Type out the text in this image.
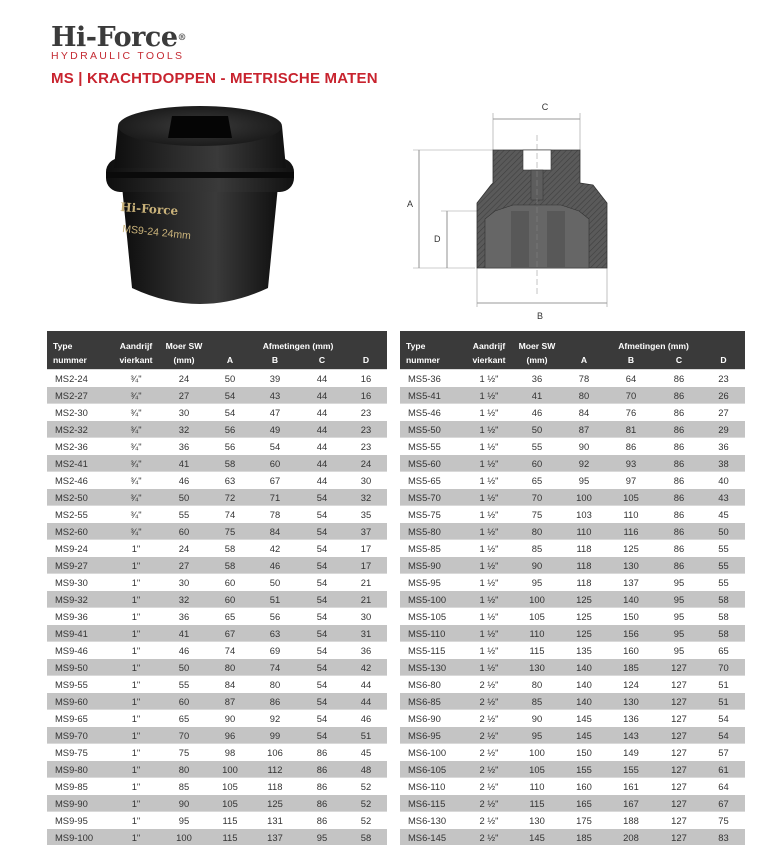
Hi-Force®
HYDRAULIC TOOLS
MS | KRACHTDOPPEN - METRISCHE MATEN
Hi-Force
MS9-24 24mm
C
A
D
B
Type	Aandrijf	Moer SW	Afmetingen (mm)			
nummer	vierkant	(mm)	A	B	C	D
MS2-24	¾"	24	50	39	44	16
MS2-27	¾"	27	54	43	44	16
MS2-30	¾"	30	54	47	44	23
MS2-32	¾"	32	56	49	44	23
MS2-36	¾"	36	56	54	44	23
MS2-41	¾"	41	58	60	44	24
MS2-46	¾"	46	63	67	44	30
MS2-50	¾"	50	72	71	54	32
MS2-55	¾"	55	74	78	54	35
MS2-60	¾"	60	75	84	54	37
MS9-24	1"	24	58	42	54	17
MS9-27	1"	27	58	46	54	17
MS9-30	1"	30	60	50	54	21
MS9-32	1"	32	60	51	54	21
MS9-36	1"	36	65	56	54	30
MS9-41	1"	41	67	63	54	31
MS9-46	1"	46	74	69	54	36
MS9-50	1"	50	80	74	54	42
MS9-55	1"	55	84	80	54	44
MS9-60	1"	60	87	86	54	44
MS9-65	1"	65	90	92	54	46
MS9-70	1"	70	96	99	54	51
MS9-75	1"	75	98	106	86	45
MS9-80	1"	80	100	112	86	48
MS9-85	1"	85	105	118	86	52
MS9-90	1"	90	105	125	86	52
MS9-95	1"	95	115	131	86	52
MS9-100	1"	100	115	137	95	58
Type	Aandrijf	Moer SW	Afmetingen (mm)			
nummer	vierkant	(mm)	A	B	C	D
MS5-36	1 ½"	36	78	64	86	23
MS5-41	1 ½"	41	80	70	86	26
MS5-46	1 ½"	46	84	76	86	27
MS5-50	1 ½"	50	87	81	86	29
MS5-55	1 ½"	55	90	86	86	36
MS5-60	1 ½"	60	92	93	86	38
MS5-65	1 ½"	65	95	97	86	40
MS5-70	1 ½"	70	100	105	86	43
MS5-75	1 ½"	75	103	110	86	45
MS5-80	1 ½"	80	110	116	86	50
MS5-85	1 ½"	85	118	125	86	55
MS5-90	1 ½"	90	118	130	86	55
MS5-95	1 ½"	95	118	137	95	55
MS5-100	1 ½"	100	125	140	95	58
MS5-105	1 ½"	105	125	150	95	58
MS5-110	1 ½"	110	125	156	95	58
MS5-115	1 ½"	115	135	160	95	65
MS5-130	1 ½"	130	140	185	127	70
MS6-80	2 ½"	80	140	124	127	51
MS6-85	2 ½"	85	140	130	127	51
MS6-90	2 ½"	90	145	136	127	54
MS6-95	2 ½"	95	145	143	127	54
MS6-100	2 ½"	100	150	149	127	57
MS6-105	2 ½"	105	155	155	127	61
MS6-110	2 ½"	110	160	161	127	64
MS6-115	2 ½"	115	165	167	127	67
MS6-130	2 ½"	130	175	188	127	75
MS6-145	2 ½"	145	185	208	127	83
